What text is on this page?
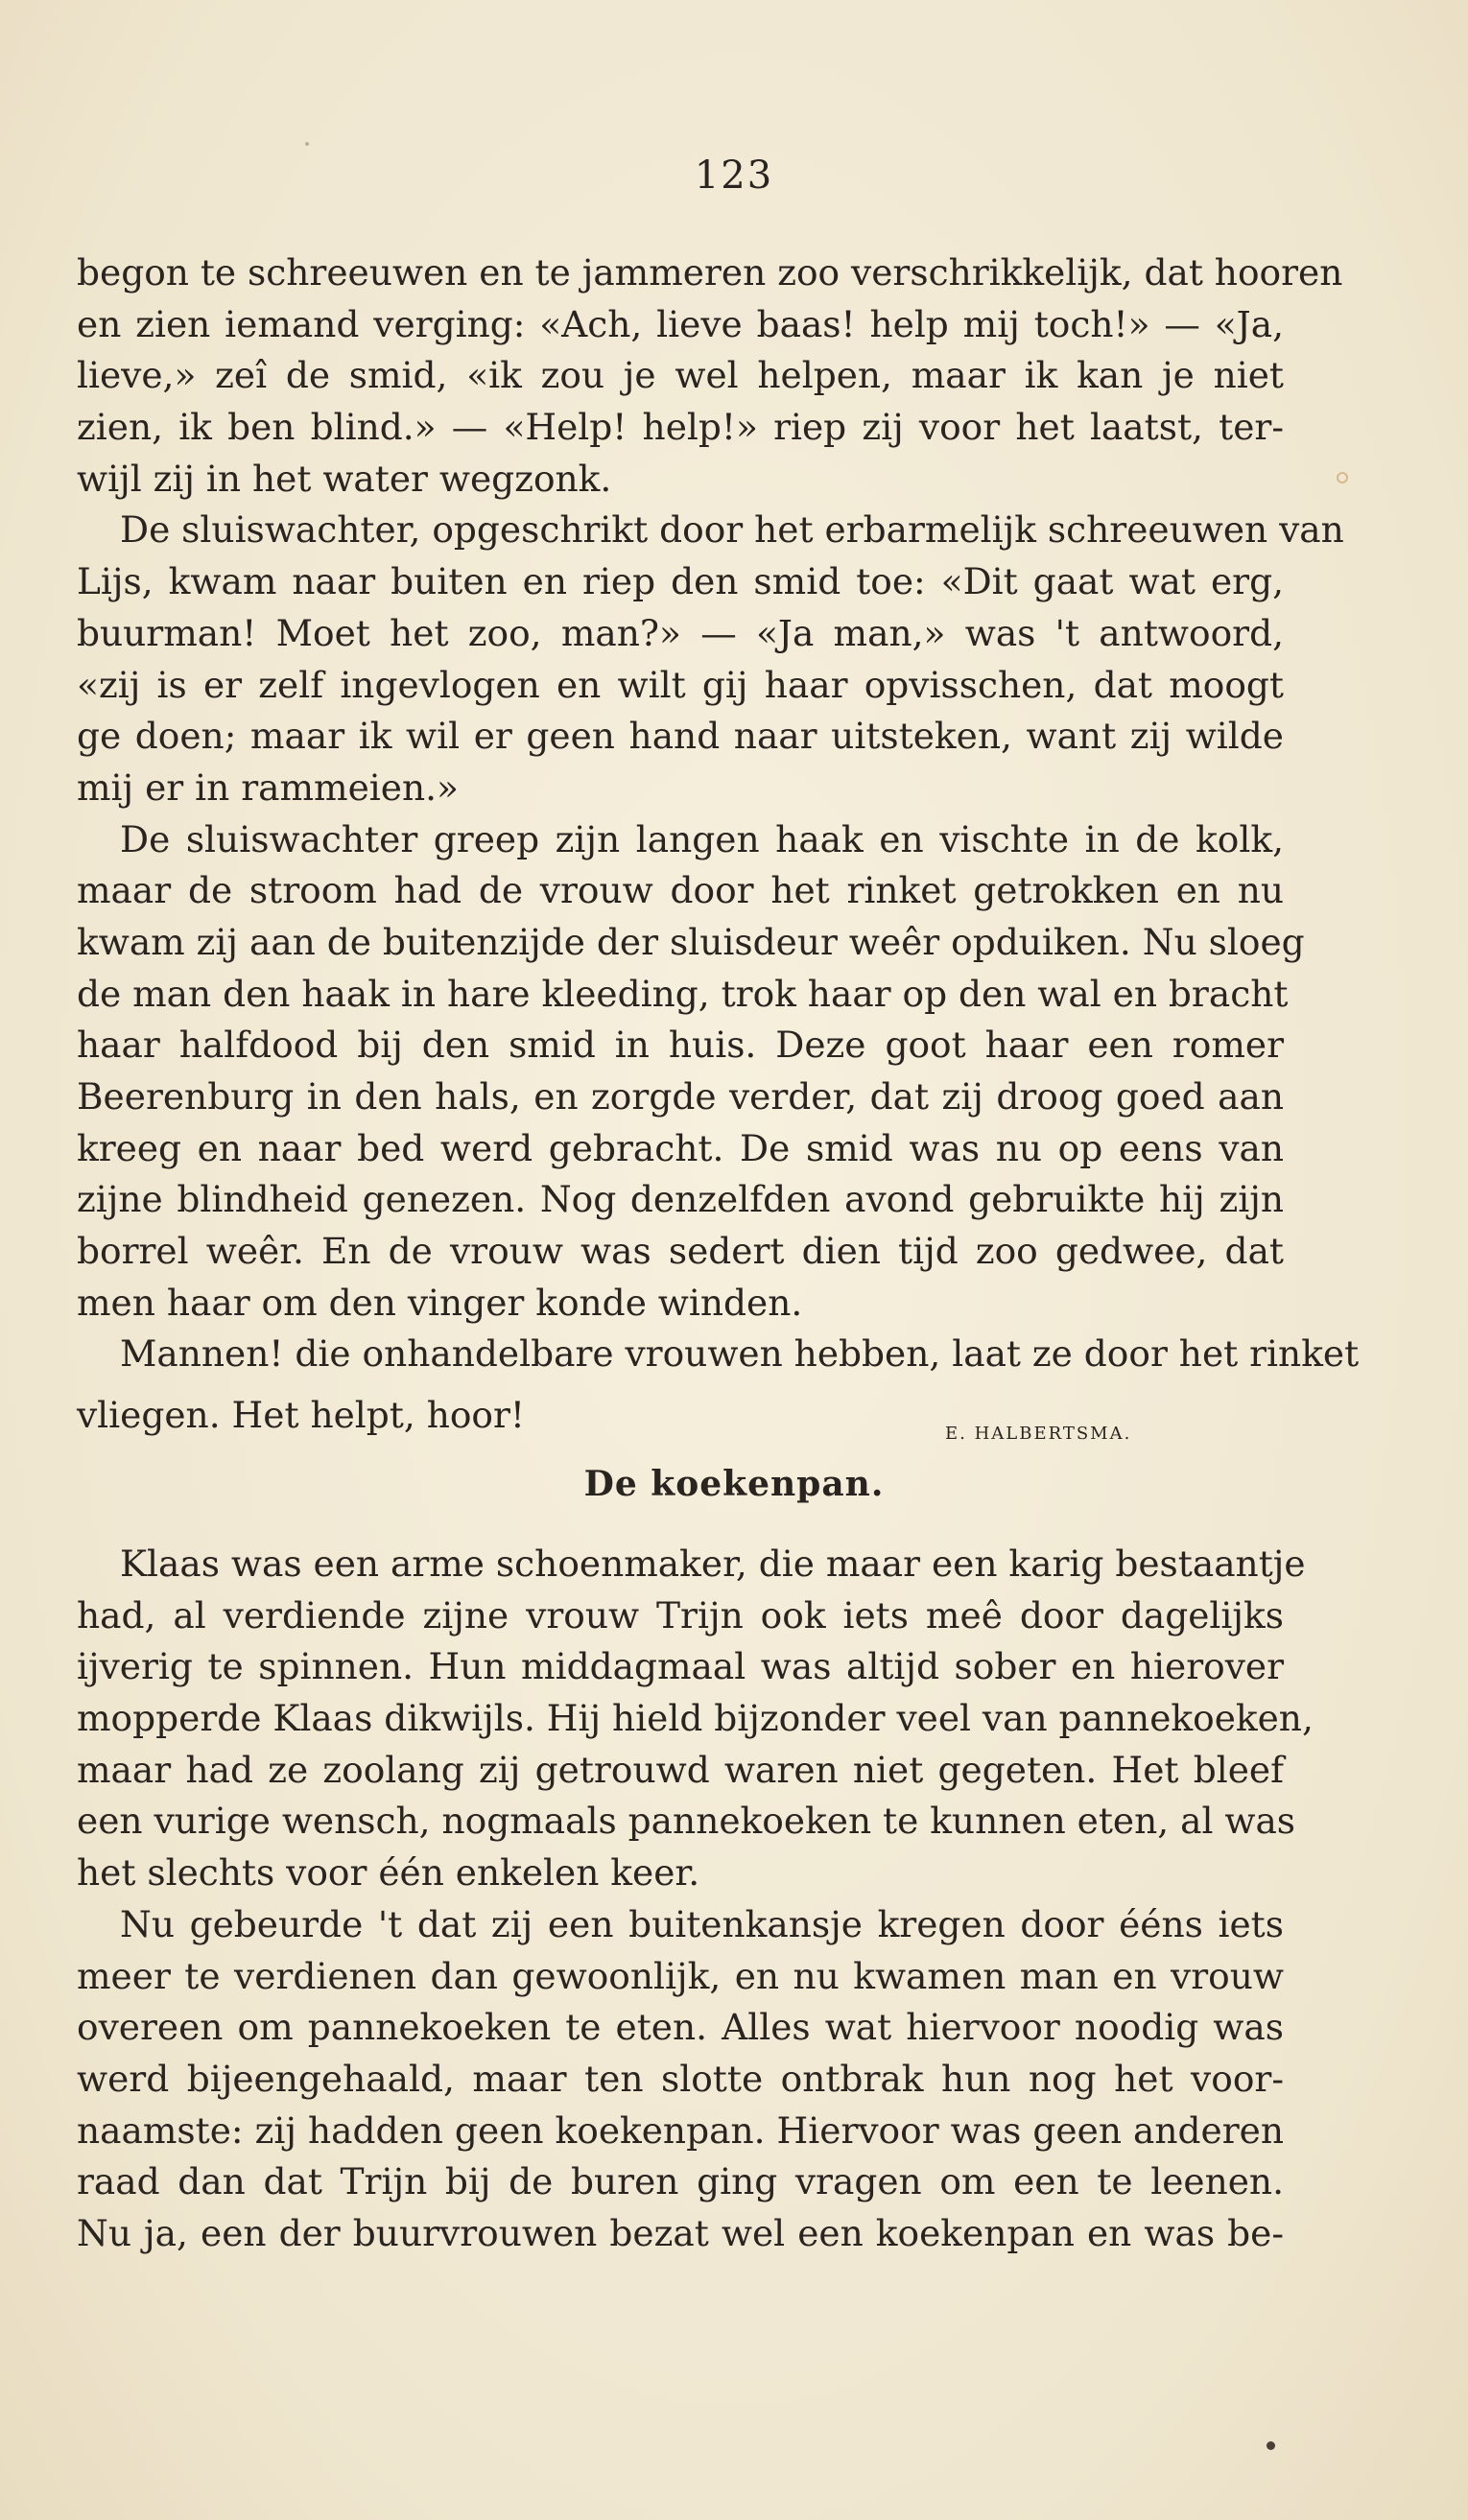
123
begon te schreeuwen en te jammeren zoo verschrikkelijk, dat hooren
en zien iemand verging: «Ach, lieve baas! help mij toch!» — «Ja,
lieve,» zeî de smid, «ik zou je wel helpen, maar ik kan je niet
zien, ik ben blind.» — «Help! help!» riep zij voor het laatst, ter-
wijl zij in het water wegzonk.
De sluiswachter, opgeschrikt door het erbarmelijk schreeuwen van
Lijs, kwam naar buiten en riep den smid toe: «Dit gaat wat erg,
buurman! Moet het zoo, man?» — «Ja man,» was 't antwoord,
«zij is er zelf ingevlogen en wilt gij haar opvisschen, dat moogt
ge doen; maar ik wil er geen hand naar uitsteken, want zij wilde
mij er in rammeien.»
De sluiswachter greep zijn langen haak en vischte in de kolk,
maar de stroom had de vrouw door het rinket getrokken en nu
kwam zij aan de buitenzijde der sluisdeur weêr opduiken. Nu sloeg
de man den haak in hare kleeding, trok haar op den wal en bracht
haar halfdood bij den smid in huis. Deze goot haar een romer
Beerenburg in den hals, en zorgde verder, dat zij droog goed aan
kreeg en naar bed werd gebracht. De smid was nu op eens van
zijne blindheid genezen. Nog denzelfden avond gebruikte hij zijn
borrel weêr. En de vrouw was sedert dien tijd zoo gedwee, dat
men haar om den vinger konde winden.
Mannen! die onhandelbare vrouwen hebben, laat ze door het rinket
vliegen. Het helpt, hoor!	E. HALBERTSMA.
De koekenpan.
Klaas was een arme schoenmaker, die maar een karig bestaantje
had, al verdiende zijne vrouw Trijn ook iets meê door dagelijks
ijverig te spinnen. Hun middagmaal was altijd sober en hierover
mopperde Klaas dikwijls. Hij hield bijzonder veel van pannekoeken,
maar had ze zoolang zij getrouwd waren niet gegeten. Het bleef
een vurige wensch, nogmaals pannekoeken te kunnen eten, al was
het slechts voor één enkelen keer.
Nu gebeurde 't dat zij een buitenkansje kregen door ééns iets
meer te verdienen dan gewoonlijk, en nu kwamen man en vrouw
overeen om pannekoeken te eten. Alles wat hiervoor noodig was
werd bijeengehaald, maar ten slotte ontbrak hun nog het voor-
naamste: zij hadden geen koekenpan. Hiervoor was geen anderen
raad dan dat Trijn bij de buren ging vragen om een te leenen.
Nu ja, een der buurvrouwen bezat wel een koekenpan en was be-
